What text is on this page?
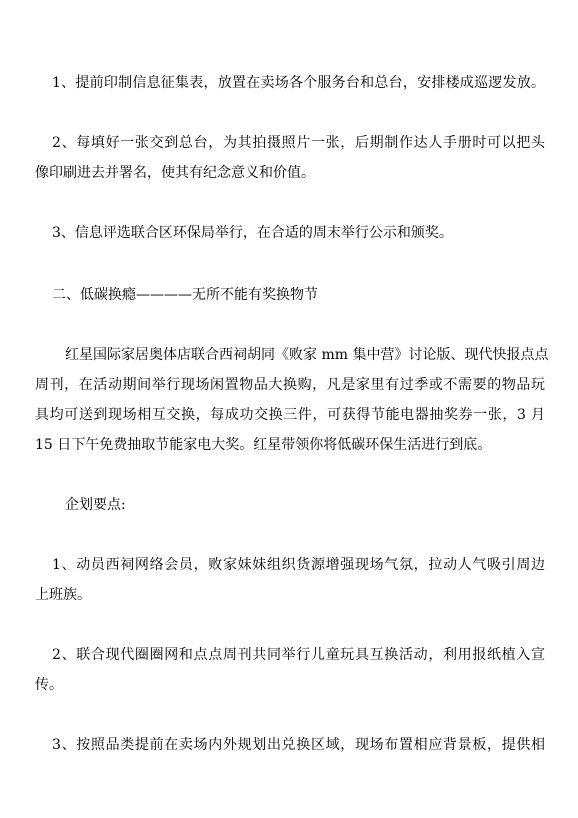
1、提前印制信息征集表，放置在卖场各个服务台和总台，安排楼成巡逻发放。
2、每填好一张交到总台，为其拍摄照片一张，后期制作达人手册时可以把头
像印刷进去并署名，使其有纪念意义和价值。
3、信息评选联合区环保局举行，在合适的周末举行公示和颁奖。
二、低碳换瘾————无所不能有奖换物节
红星国际家居奥体店联合西祠胡同《败家 mm 集中营》讨论版、现代快报点点
周刊，在活动期间举行现场闲置物品大换购，凡是家里有过季或不需要的物品玩
具均可送到现场相互交换，每成功交换三件，可获得节能电器抽奖券一张，3 月
15 日下午免费抽取节能家电大奖。红星带领你将低碳环保生活进行到底。
企划要点:
1、动员西祠网络会员，败家妹妹组织货源增强现场气氛，拉动人气吸引周边
上班族。
2、联合现代圈圈网和点点周刊共同举行儿童玩具互换活动，利用报纸植入宣
传。
3、按照品类提前在卖场内外规划出兑换区域，现场布置相应背景板，提供相
